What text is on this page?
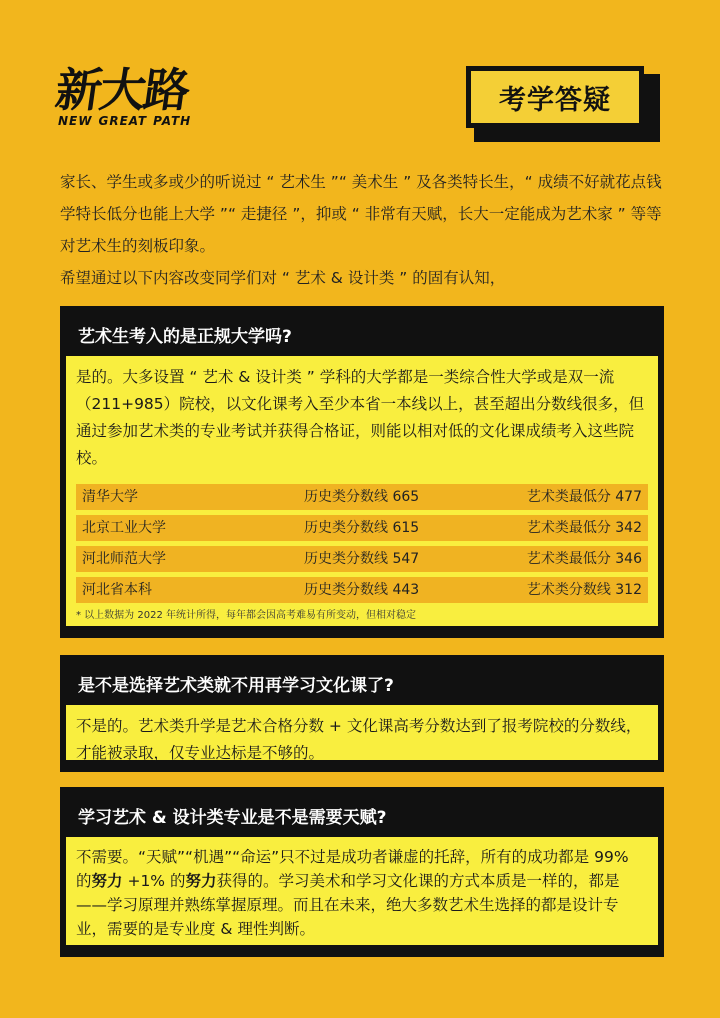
新大路
NEW GREAT PATH
考学答疑

家长、学生或多或少的听说过 “ 艺术生 ”“ 美术生 ” 及各类特长生，“ 成绩不好就花点钱学特长低分也能上大学 ”“ 走捷径 ”，抑或 “ 非常有天赋，长大一定能成为艺术家 ” 等等对艺术生的刻板印象。

希望通过以下内容改变同学们对 “ 艺术 & 设计类 ” 的固有认知，

艺术生考入的是正规大学吗?

是的。大多设置 “ 艺术 & 设计类 ” 学科的大学都是一类综合性大学或是双一流（211+985）院校，以文化课考入至少本省一本线以上，甚至超出分数线很多，但通过参加艺术类的专业考试并获得合格证，则能以相对低的文化课成绩考入这些院校。

清华大学	历史类分数线 665	艺术类最低分 477
北京工业大学	历史类分数线 615	艺术类最低分 342
河北师范大学	历史类分数线 547	艺术类最低分 346
河北省本科	历史类分数线 443	艺术类分数线 312
* 以上数据为 2022 年统计所得，每年都会因高考难易有所变动，但相对稳定
是不是选择艺术类就不用再学习文化课了?

不是的。艺术类升学是艺术合格分数 + 文化课高考分数达到了报考院校的分数线，才能被录取，仅专业达标是不够的。

学习艺术 & 设计类专业是不是需要天赋?

不需要。“天赋”“机遇”“命运”只不过是成功者谦虚的托辞，所有的成功都是 99% 的努力 +1% 的努力获得的。学习美术和学习文化课的方式本质是一样的，都是——学习原理并熟练掌握原理。而且在未来，绝大多数艺术生选择的都是设计专业，需要的是专业度 & 理性判断。
